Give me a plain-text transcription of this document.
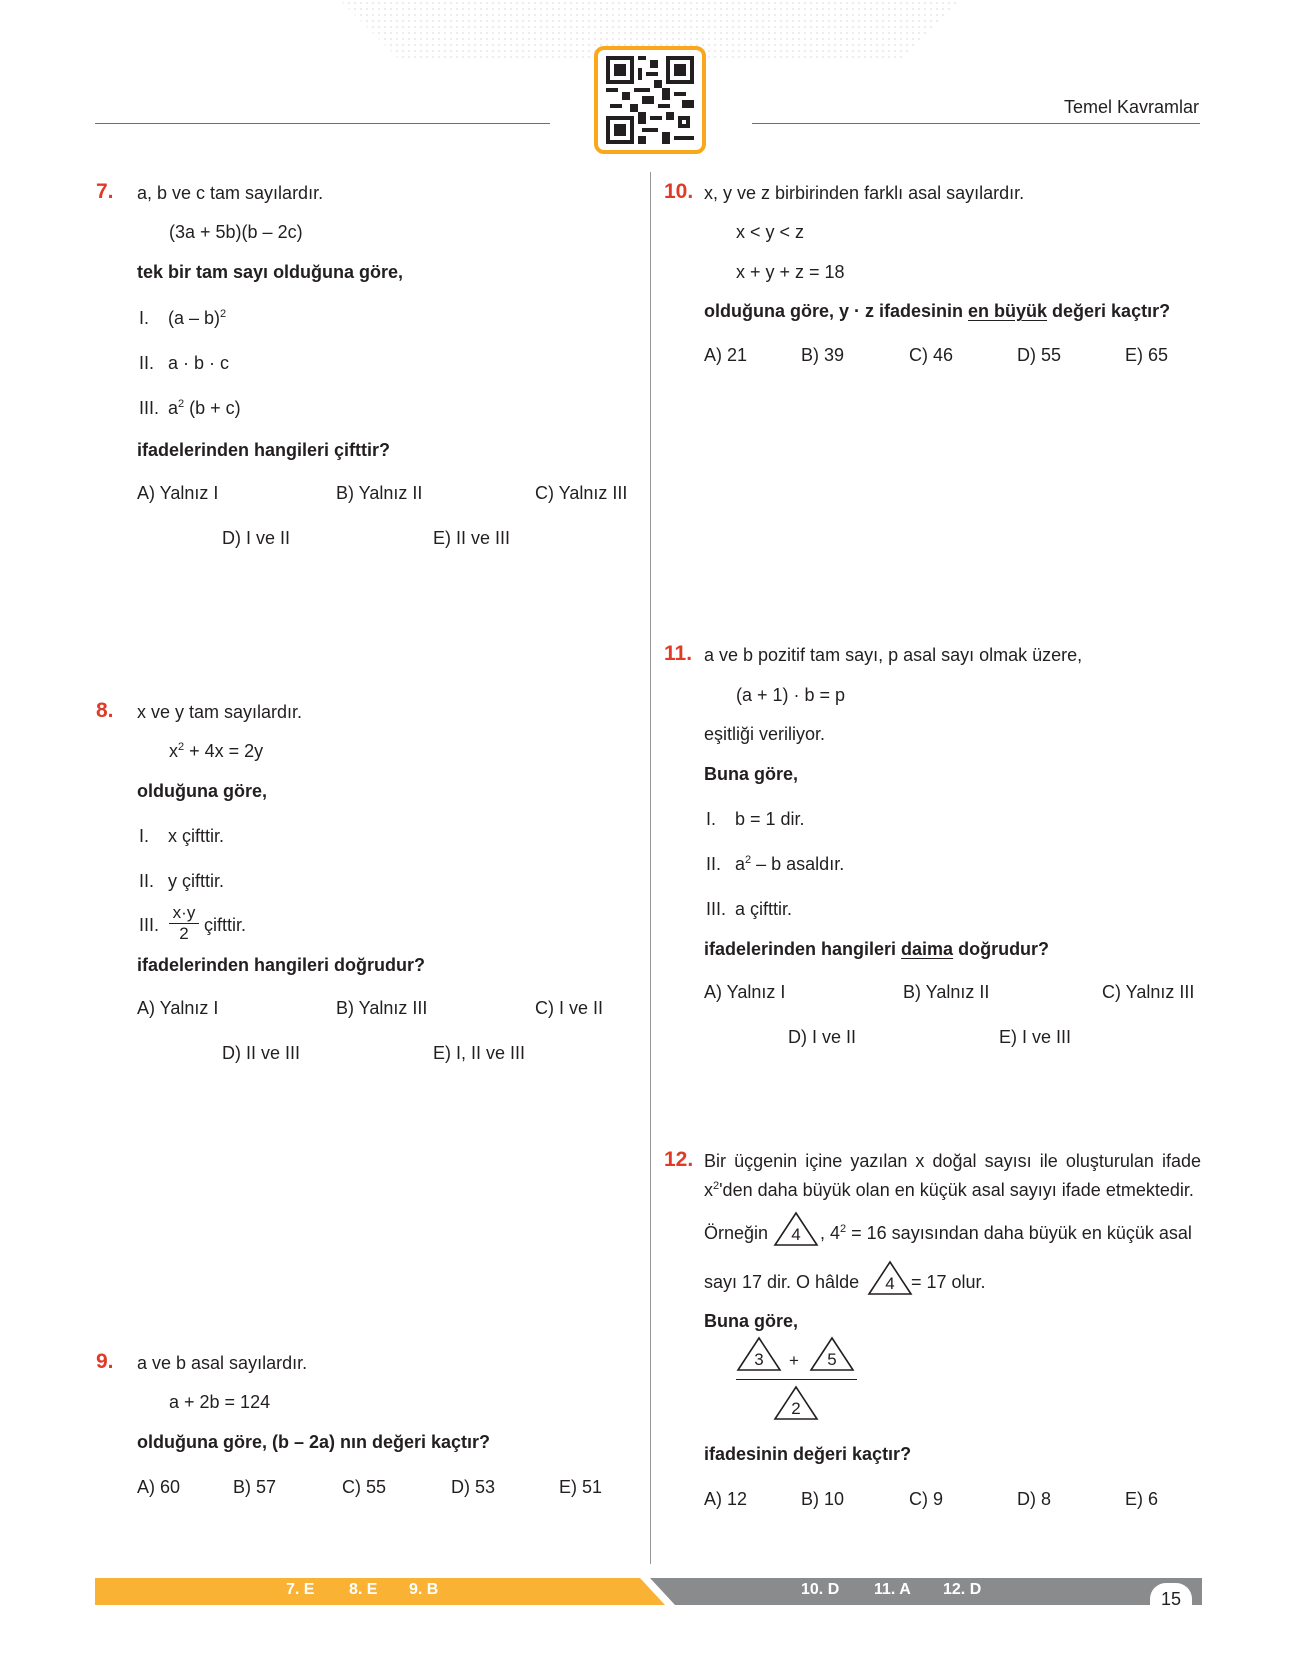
Temel Kavramlar
7. a, b ve c tam sayılardır.
(3a + 5b)(b – 2c)
tek bir tam sayı olduğuna göre,
I. (a – b)$^2$
II. a · b · c
III. $a^2$ (b + c)
ifadelerinden hangileri çifttir?
A) Yalnız I	B) Yalnız II	C) Yalnız III
D) I ve II	E) II ve III
8. x ve y tam sayılardır.
$x^2 + 4x = 2y$
olduğuna göre,
I. x çifttir.
II. y çifttir.
III. $\frac{x\cdot y}{2}$ çifttir.
ifadelerinden hangileri doğrudur?
A) Yalnız I	B) Yalnız III	C) I ve II
D) II ve III	E) I, II ve III
9. a ve b asal sayılardır.
a + 2b = 124
olduğuna göre, (b – 2a) nın değeri kaçtır?
A) 60	B) 57	C) 55	D) 53	E) 51
10. x, y ve z birbirinden farklı asal sayılardır.
x < y < z
x + y + z = 18
olduğuna göre, y · z ifadesinin en büyük değeri kaçtır?
A) 21	B) 39	C) 46	D) 55	E) 65
11. a ve b pozitif tam sayı, p asal sayı olmak üzere,
(a + 1) · b = p
eşitliği veriliyor.
Buna göre,
I. b = 1 dir.
II. $a^2$ – b asaldır.
III. a çifttir.
ifadelerinden hangileri daima doğrudur?
A) Yalnız I	B) Yalnız II	C) Yalnız III
D) I ve II	E) I ve III
12. Bir üçgenin içine yazılan x doğal sayısı ile oluşturulan ifade
$x^2'den$ daha büyük olan en küçük asal sayıyı ifade etmektedir.
Örneğin	4	, $4^2 = 16$ sayısından daha büyük en küçük asal
sayı 17 dir. O hâlde	4 = 17 olur.
Buna göre,
3	+	5
2
ifadesinin değeri kaçtır?
A) 12	B) 10	C) 9	D) 8	E) 6
7. E 8. E 9. B	10. D 11. A 12. D	15
